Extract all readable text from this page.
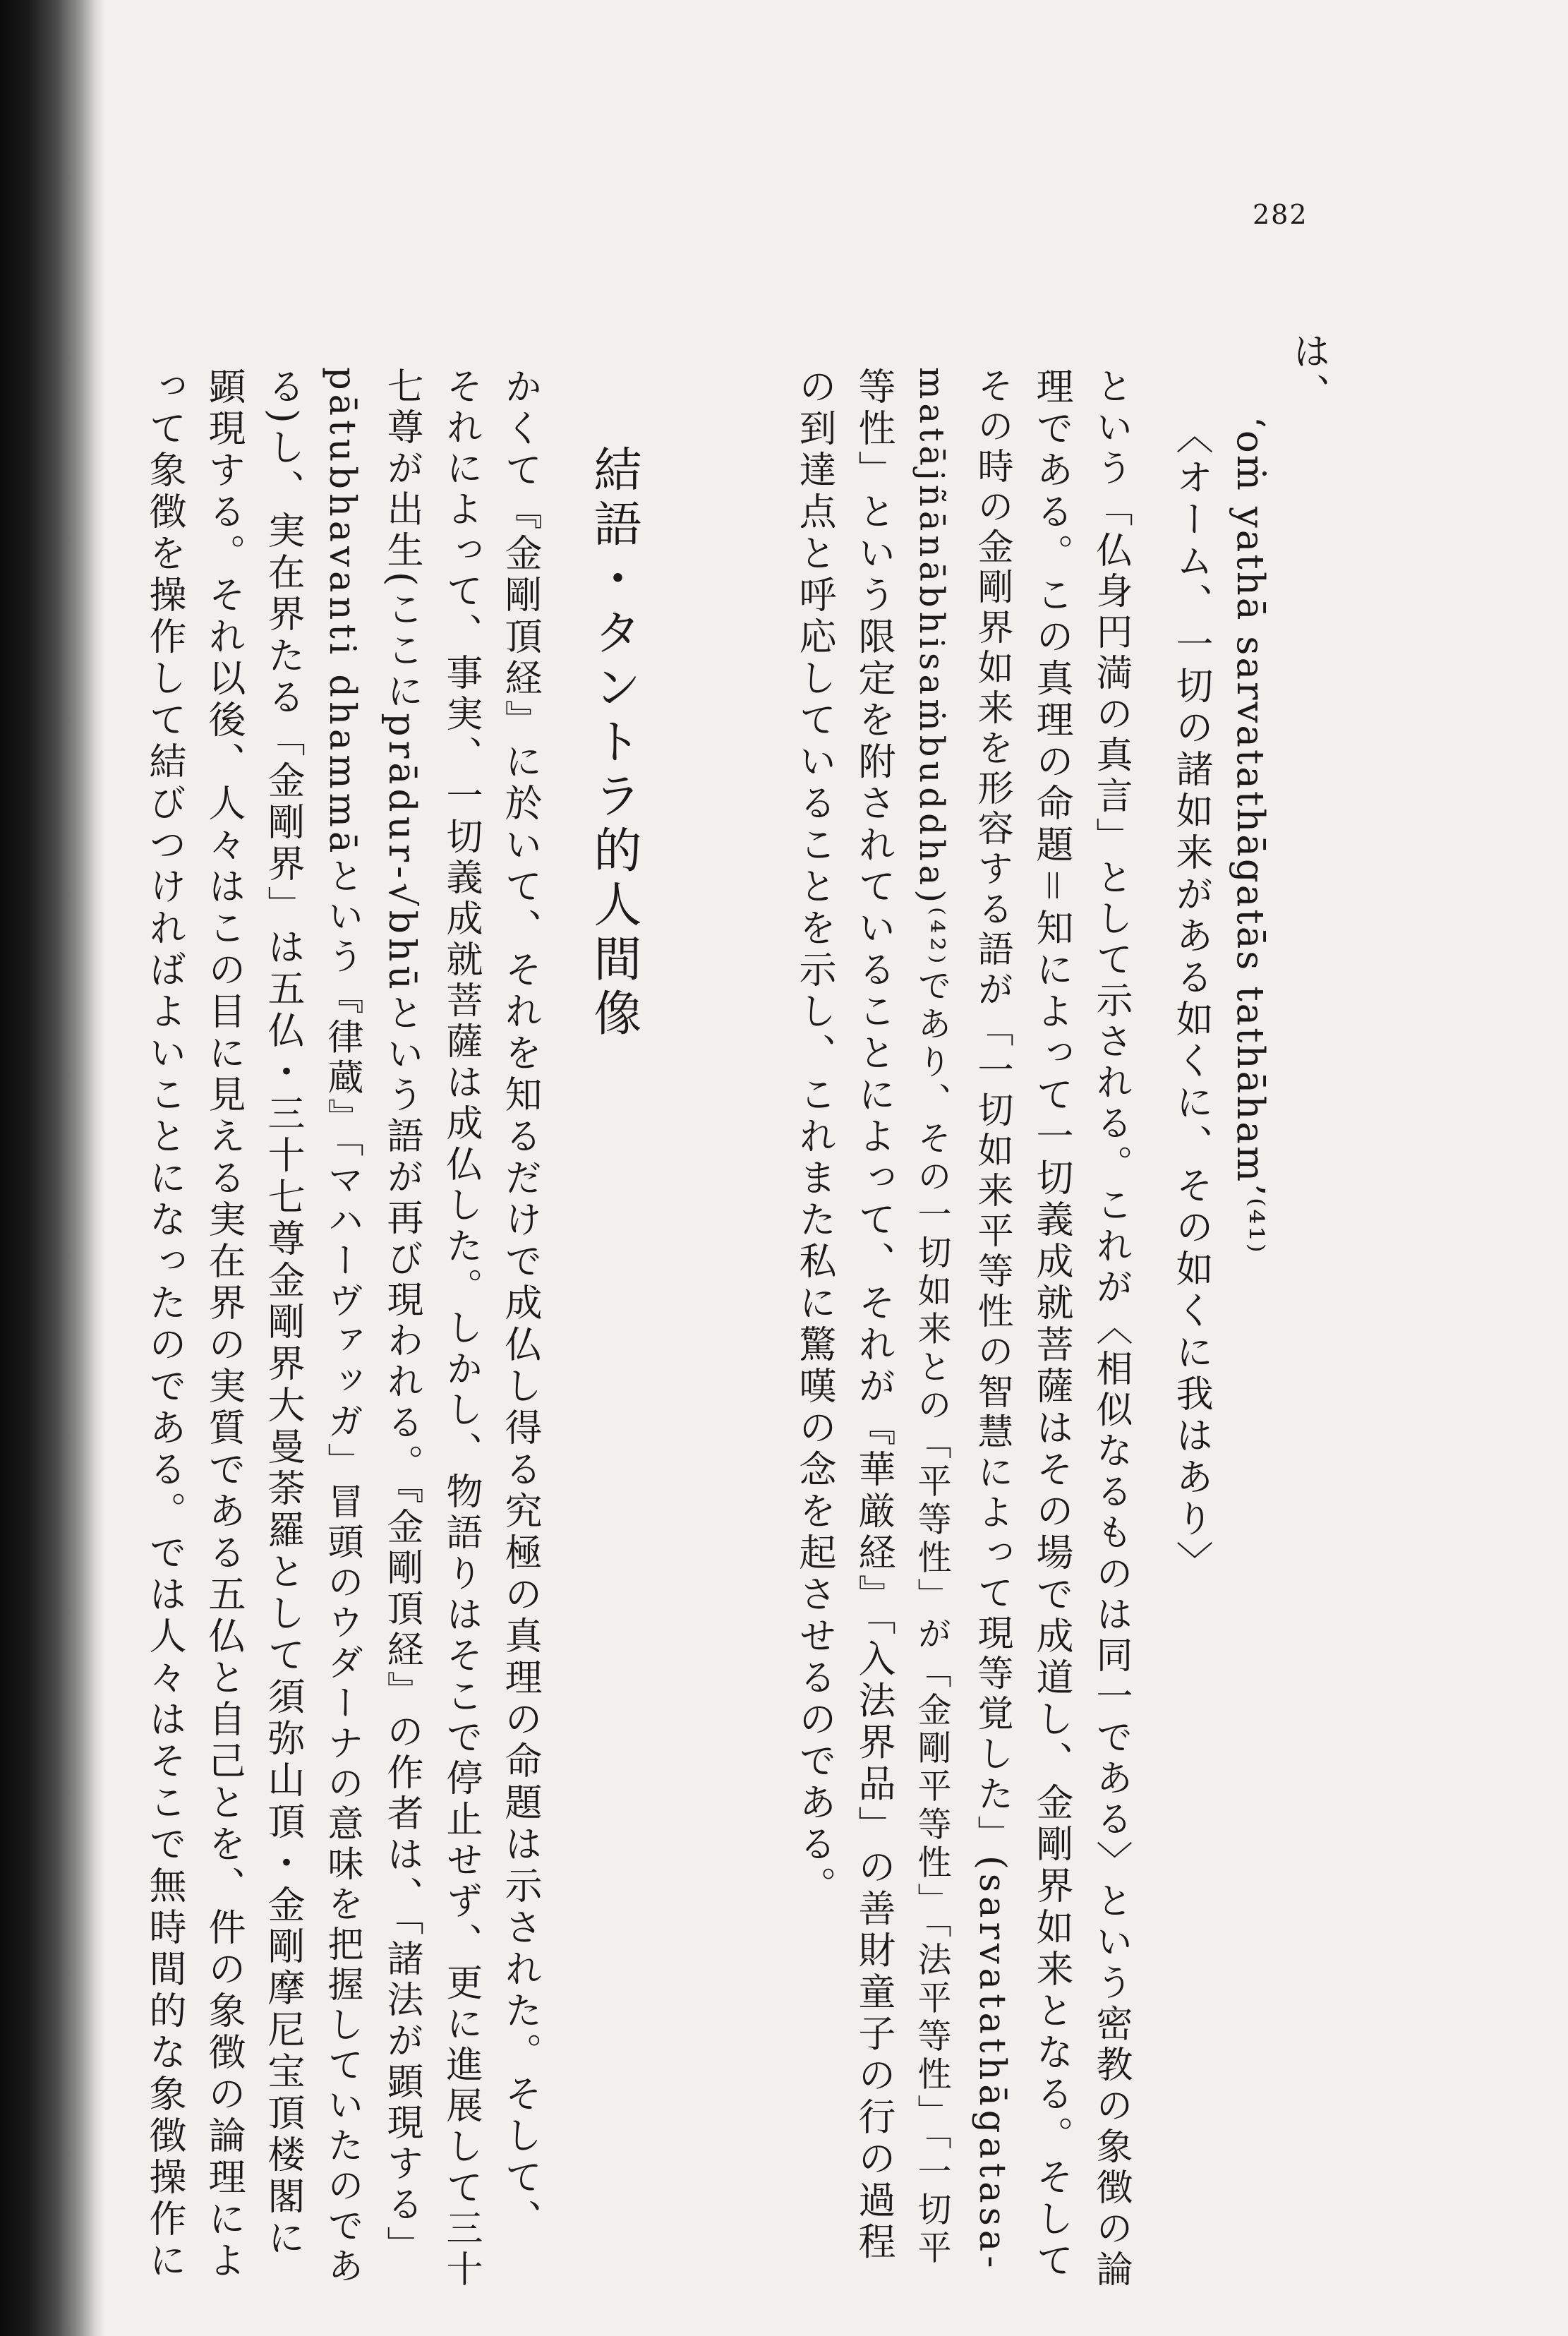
282
は、
‘oṁ yathā sarvatathāgatās tathāham’⁽⁴¹⁾
〈オーム、一切の諸如来がある如くに、その如くに我はあり〉
という「仏身円満の真言」として示される。これが〈相似なるものは同一である〉という密教の象徴の論
理である。この真理の命題＝知によって一切義成就菩薩はその場で成道し、金剛界如来となる。そして
その時の金剛界如来を形容する語が「一切如来平等性の智慧によって現等覚した」(sarvatathāgatasa-
matājñānābhisaṁbuddha)⁽⁴²⁾であり、その一切如来との「平等性」が「金剛平等性」「法平等性」「一切平
等性」という限定を附されていることによって、それが『華厳経』「入法界品」の善財童子の行の過程
の到達点と呼応していることを示し、これまた私に驚嘆の念を起させるのである。
結語・タントラ的人間像
かくて『金剛頂経』に於いて、それを知るだけで成仏し得る究極の真理の命題は示された。そして、
それによって、事実、一切義成就菩薩は成仏した。しかし、物語りはそこで停止せず、更に進展して三十
七尊が出生(ここにprādur-√bhūという語が再び現われる。『金剛頂経』の作者は、「諸法が顕現する」
pātubhavanti dhammāという『律蔵』「マハーヴァッガ」冒頭のウダーナの意味を把握していたのであ
る)し、実在界たる「金剛界」は五仏・三十七尊金剛界大曼荼羅として須弥山頂・金剛摩尼宝頂楼閣に
顕現する。それ以後、人々はこの目に見える実在界の実質である五仏と自己とを、件の象徴の論理によ
って象徴を操作して結びつければよいことになったのである。では人々はそこで無時間的な象徴操作に
